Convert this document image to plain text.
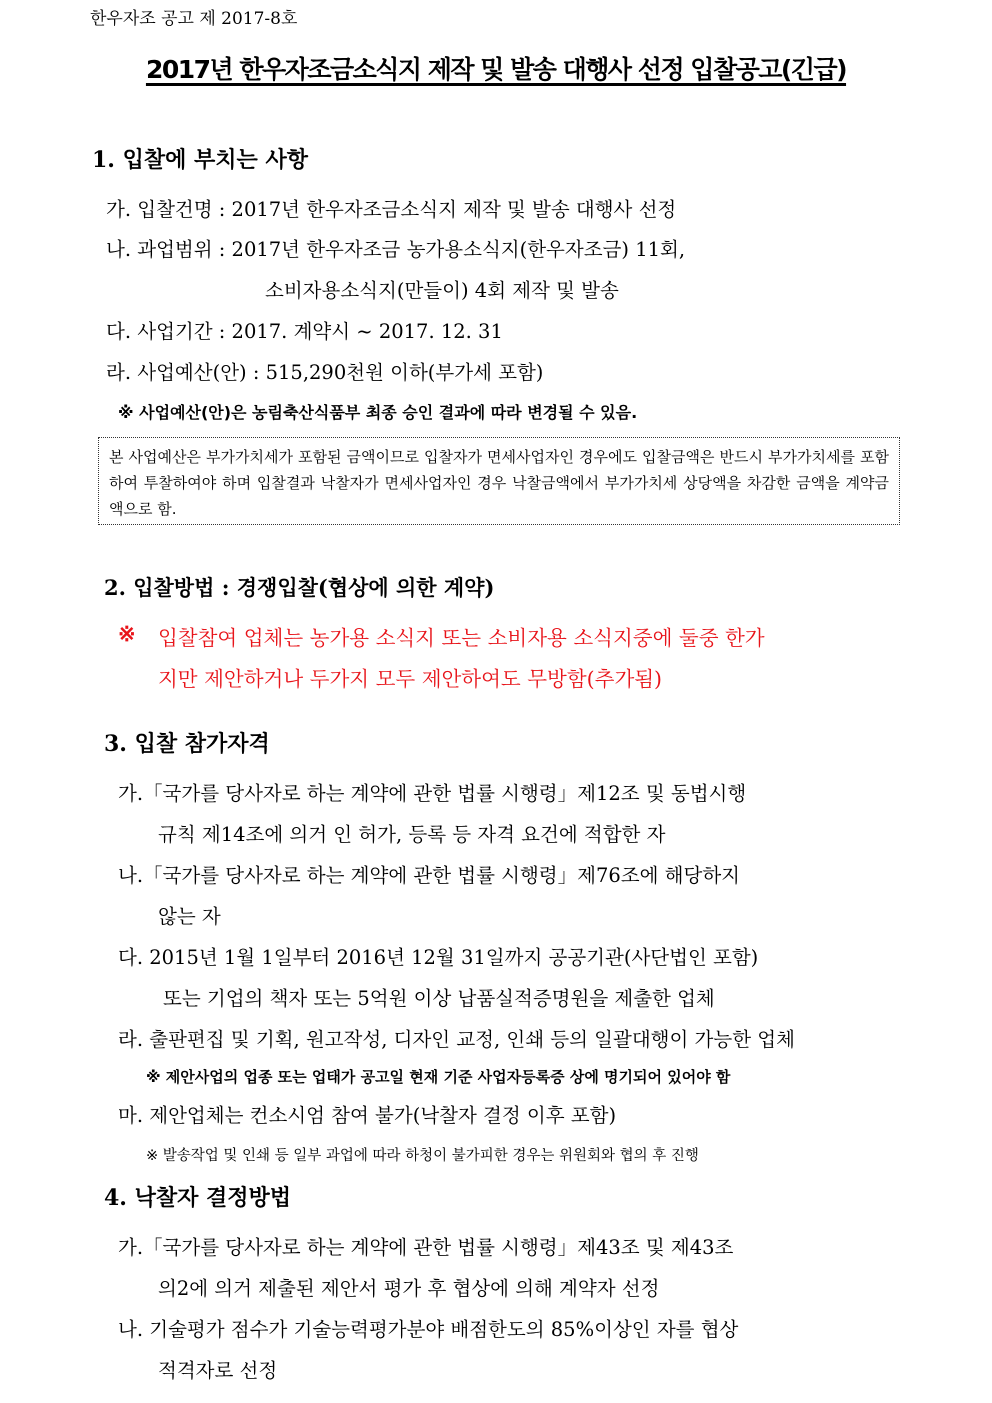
한우자조 공고 제 2017-8호
2017년 한우자조금소식지 제작 및 발송 대행사 선정 입찰공고(긴급)
1. 입찰에 부치는 사항
가. 입찰건명 : 2017년 한우자조금소식지 제작 및 발송 대행사 선정
나. 과업범위 : 2017년 한우자조금 농가용소식지(한우자조금) 11회,
소비자용소식지(만들이) 4회 제작 및 발송
다. 사업기간 : 2017. 계약시 ~ 2017. 12. 31
라. 사업예산(안) : 515,290천원 이하(부가세 포함)
※ 사업예산(안)은 농림축산식품부 최종 승인 결과에 따라 변경될 수 있음.
본 사업예산은 부가가치세가 포함된 금액이므로 입찰자가 면세사업자인 경우에도 입찰금액은 반드시 부가가치세를 포함하여 투찰하여야 하며 입찰결과 낙찰자가 면세사업자인 경우 낙찰금액에서 부가가치세 상당액을 차감한 금액을 계약금액으로 함.
2. 입찰방법 : 경쟁입찰(협상에 의한 계약)
※ 입찰참여 업체는 농가용 소식지 또는 소비자용 소식지중에 둘중 한가
지만 제안하거나 두가지 모두 제안하여도 무방함(추가됨)
3. 입찰 참가자격
가.「국가를 당사자로 하는 계약에 관한 법률 시행령」제12조 및 동법시행
규칙 제14조에 의거 인 허가, 등록 등 자격 요건에 적합한 자
나.「국가를 당사자로 하는 계약에 관한 법률 시행령」제76조에 해당하지
않는 자
다. 2015년 1월 1일부터 2016년 12월 31일까지 공공기관(사단법인 포함)
또는 기업의 책자 또는 5억원 이상 납품실적증명원을 제출한 업체
라. 출판편집 및 기획, 원고작성, 디자인 교정, 인쇄 등의 일괄대행이 가능한 업체
※ 제안사업의 업종 또는 업태가 공고일 현재 기준 사업자등록증 상에 명기되어 있어야 함
마. 제안업체는 컨소시엄 참여 불가(낙찰자 결정 이후 포함)
※ 발송작업 및 인쇄 등 일부 과업에 따라 하청이 불가피한 경우는 위원회와 협의 후 진행
4. 낙찰자 결정방법
가.「국가를 당사자로 하는 계약에 관한 법률 시행령」제43조 및 제43조
의2에 의거 제출된 제안서 평가 후 협상에 의해 계약자 선정
나. 기술평가 점수가 기술능력평가분야 배점한도의 85%이상인 자를 협상
적격자로 선정
